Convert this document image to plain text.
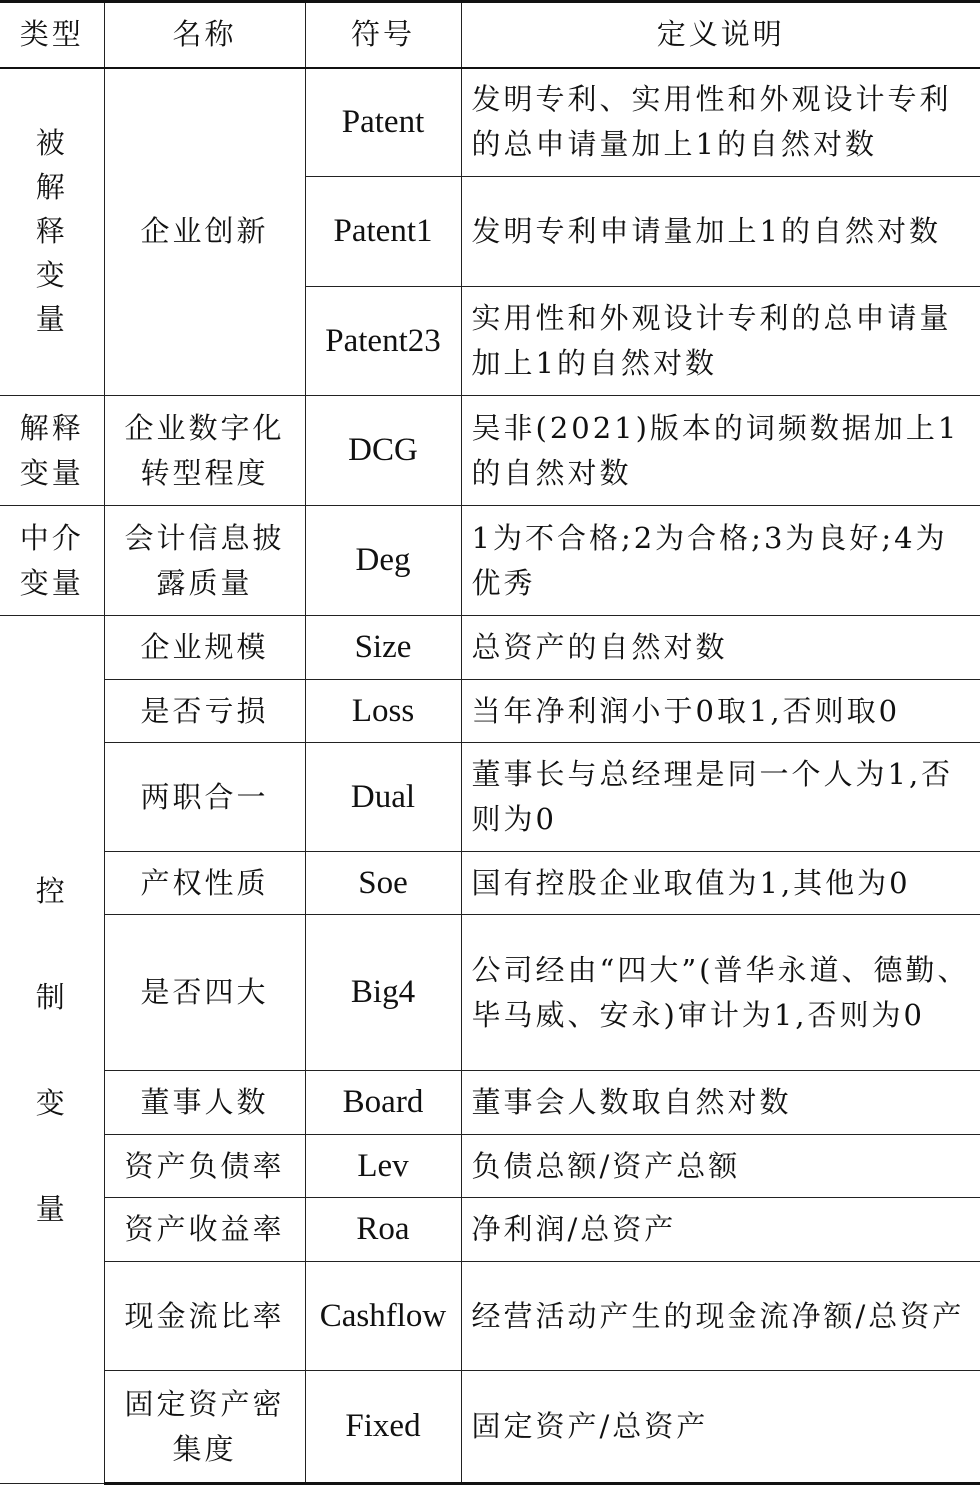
类型	名称	符号	定义说明
被解释变量	企业创新	Patent	发明专利、实用性和外观设计专利的总申请量加上1的自然对数
		Patent1	发明专利申请量加上1的自然对数
		Patent23	实用性和外观设计专利的总申请量加上1的自然对数
解释变量	企业数字化转型程度	DCG	吴非(2021)版本的词频数据加上1的自然对数
中介变量	会计信息披露质量	Deg	1为不合格;2为合格;3为良好;4为优秀
控制变量	企业规模	Size	总资产的自然对数
	是否亏损	Loss	当年净利润小于0取1,否则取0
	两职合一	Dual	董事长与总经理是同一个人为1,否则为0
	产权性质	Soe	国有控股企业取值为1,其他为0
	是否四大	Big4	公司经由“四大”(普华永道、德勤、毕马威、安永)审计为1,否则为0
	董事人数	Board	董事会人数取自然对数
	资产负债率	Lev	负债总额/资产总额
	资产收益率	Roa	净利润/总资产
	现金流比率	Cashflow	经营活动产生的现金流净额/总资产
	固定资产密集度	Fixed	固定资产/总资产
